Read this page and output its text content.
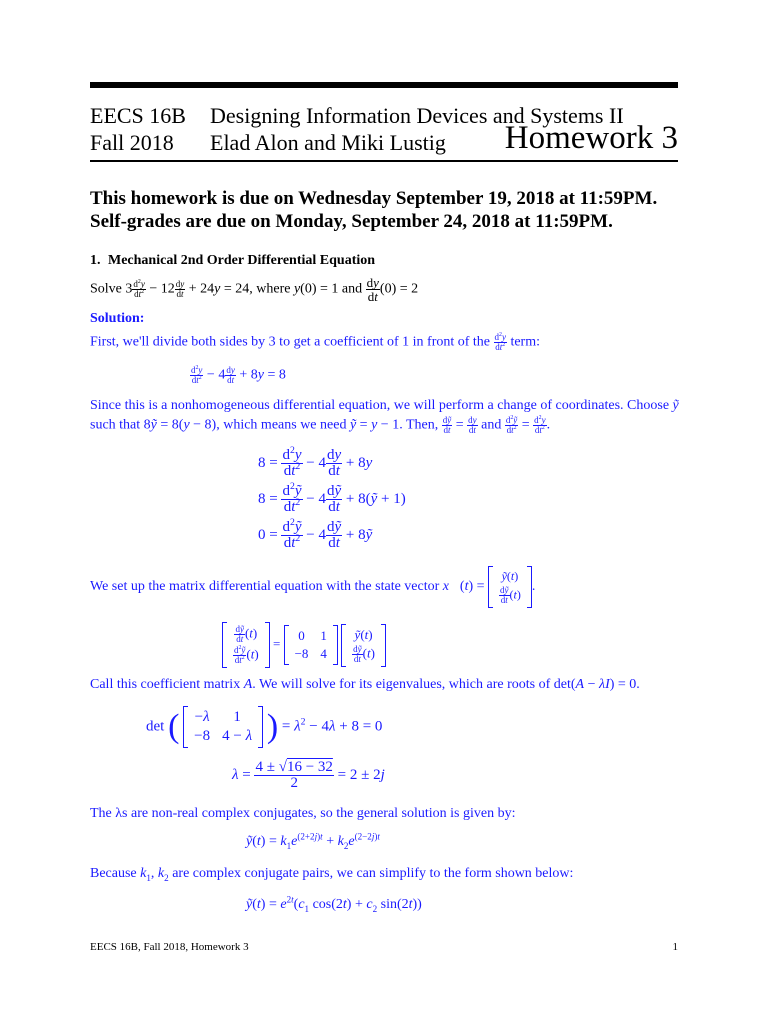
EECS 16B
Fall 2018
Designing Information Devices and Systems II
Elad Alon and Miki Lustig Homework 3
This homework is due on Wednesday September 19, 2018 at 11:59PM.
Self-grades are due on Monday, September 24, 2018 at 11:59PM.
1. Mechanical 2nd Order Differential Equation
Solve $3 \frac{d^2y}{dt^2} - 12 \frac{dy}{dt} + 24y = 24$, where y(0) = 1 and $\frac{dy}{dt} (0) = 2$
Solution:
First, we'll divide both sides by 3 to get a coefficient of 1 in front of the $\frac{d^2y}{dt^2}$ term:
$\frac{d^2y}{dt^2} - 4 \frac{dy}{dt} + 8y = 8$
Since this is a nonhomogeneous differential equation, we will perform a change of coordinates. Choose ỹ
such that 8ỹ = 8(y − 8), which means we need ỹ = y − 1. Then, $\frac{\text{dỹ}}{dt} = \frac{dy}{dt}$ and $\frac{d^2ỹ}{dt^2} = \frac{d^2y}{dt^2}$ .
$8 = \frac{d^2y}{dt^2} - 4 \frac{dy}{dt} + 8y$
$8 = \frac{d^2ỹ}{dt^2} - 4 \frac{\text{dỹ}}{dt}$ + 8(ỹ + 1)
$0 = \frac{d^2ỹ}{dt^2} - 4 \frac{\text{dỹ}}{dt}$ + 8ỹ
We set up the matrix differential equation with the state vector x⃗(t) =
ỹ(t)
$\frac{\text{dỹ}}{dt} (t)$
.
$\frac{\text{dỹ}}{dt} (t)$
$\frac{d^2ỹ}{dt^2} (t)$
=
0	1
−8 4

ỹ(t)
$\frac{\text{dỹ}}{dt} (t)$
Call this coefficient matrix A. We will solve for its eigenvalues, which are roots of det(A − λI) = 0.
det (	−λ	1
−8 4 − λ ) = $\lambda^2 - 4\lambda + 8 = 0$
$\lambda = \frac{4 \pm √16 - 32}{2} = 2 \pm 2j$
The λs are non-real complex conjugates, so the general solution is given by:
ỹ(t) = $k_1e^{(2+2j)t} + k_2e^{(2-2j)t}$
Because $k_1$, $k_2$ are complex conjugate pairs, we can simplify to the form shown below:
ỹ(t) = $e^{2t}(c_1$ $\cos(2t) + c_2$ sin(2t))
EECS 16B, Fall 2018, Homework 3	1
